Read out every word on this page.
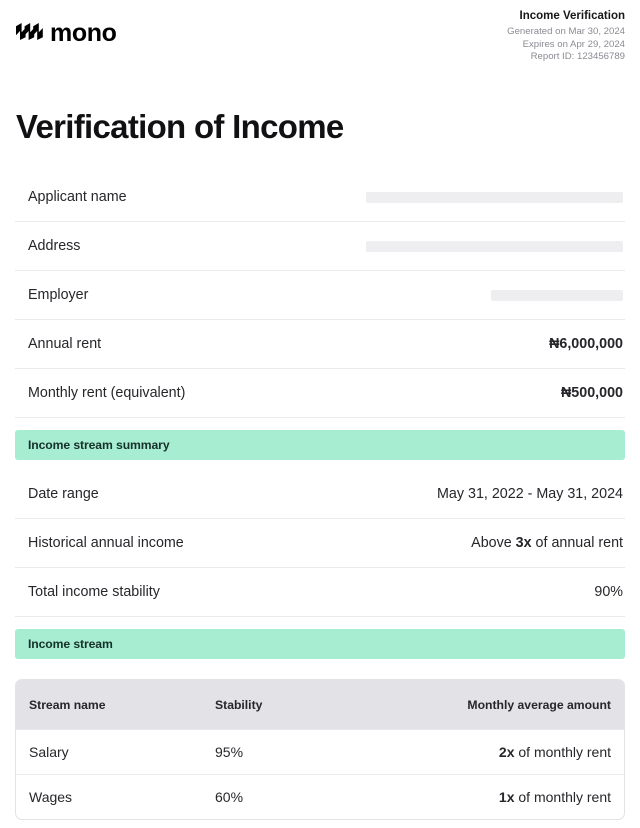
mono
Income Verification
Generated on Mar 30, 2024
Expires on Apr 29, 2024
Report ID: 123456789
Verification of Income
Applicant name
Address
Employer
Annual rent	₦6,000,000
Monthly rent (equivalent)	₦500,000
Income stream summary
Date range	May 31, 2022 - May 31, 2024
Historical annual income	Above 3x of annual rent
Total income stability	90%
Income stream
Stream name	Stability	Monthly average amount
Salary	95%	2x of monthly rent
Wages	60%	1x of monthly rent
